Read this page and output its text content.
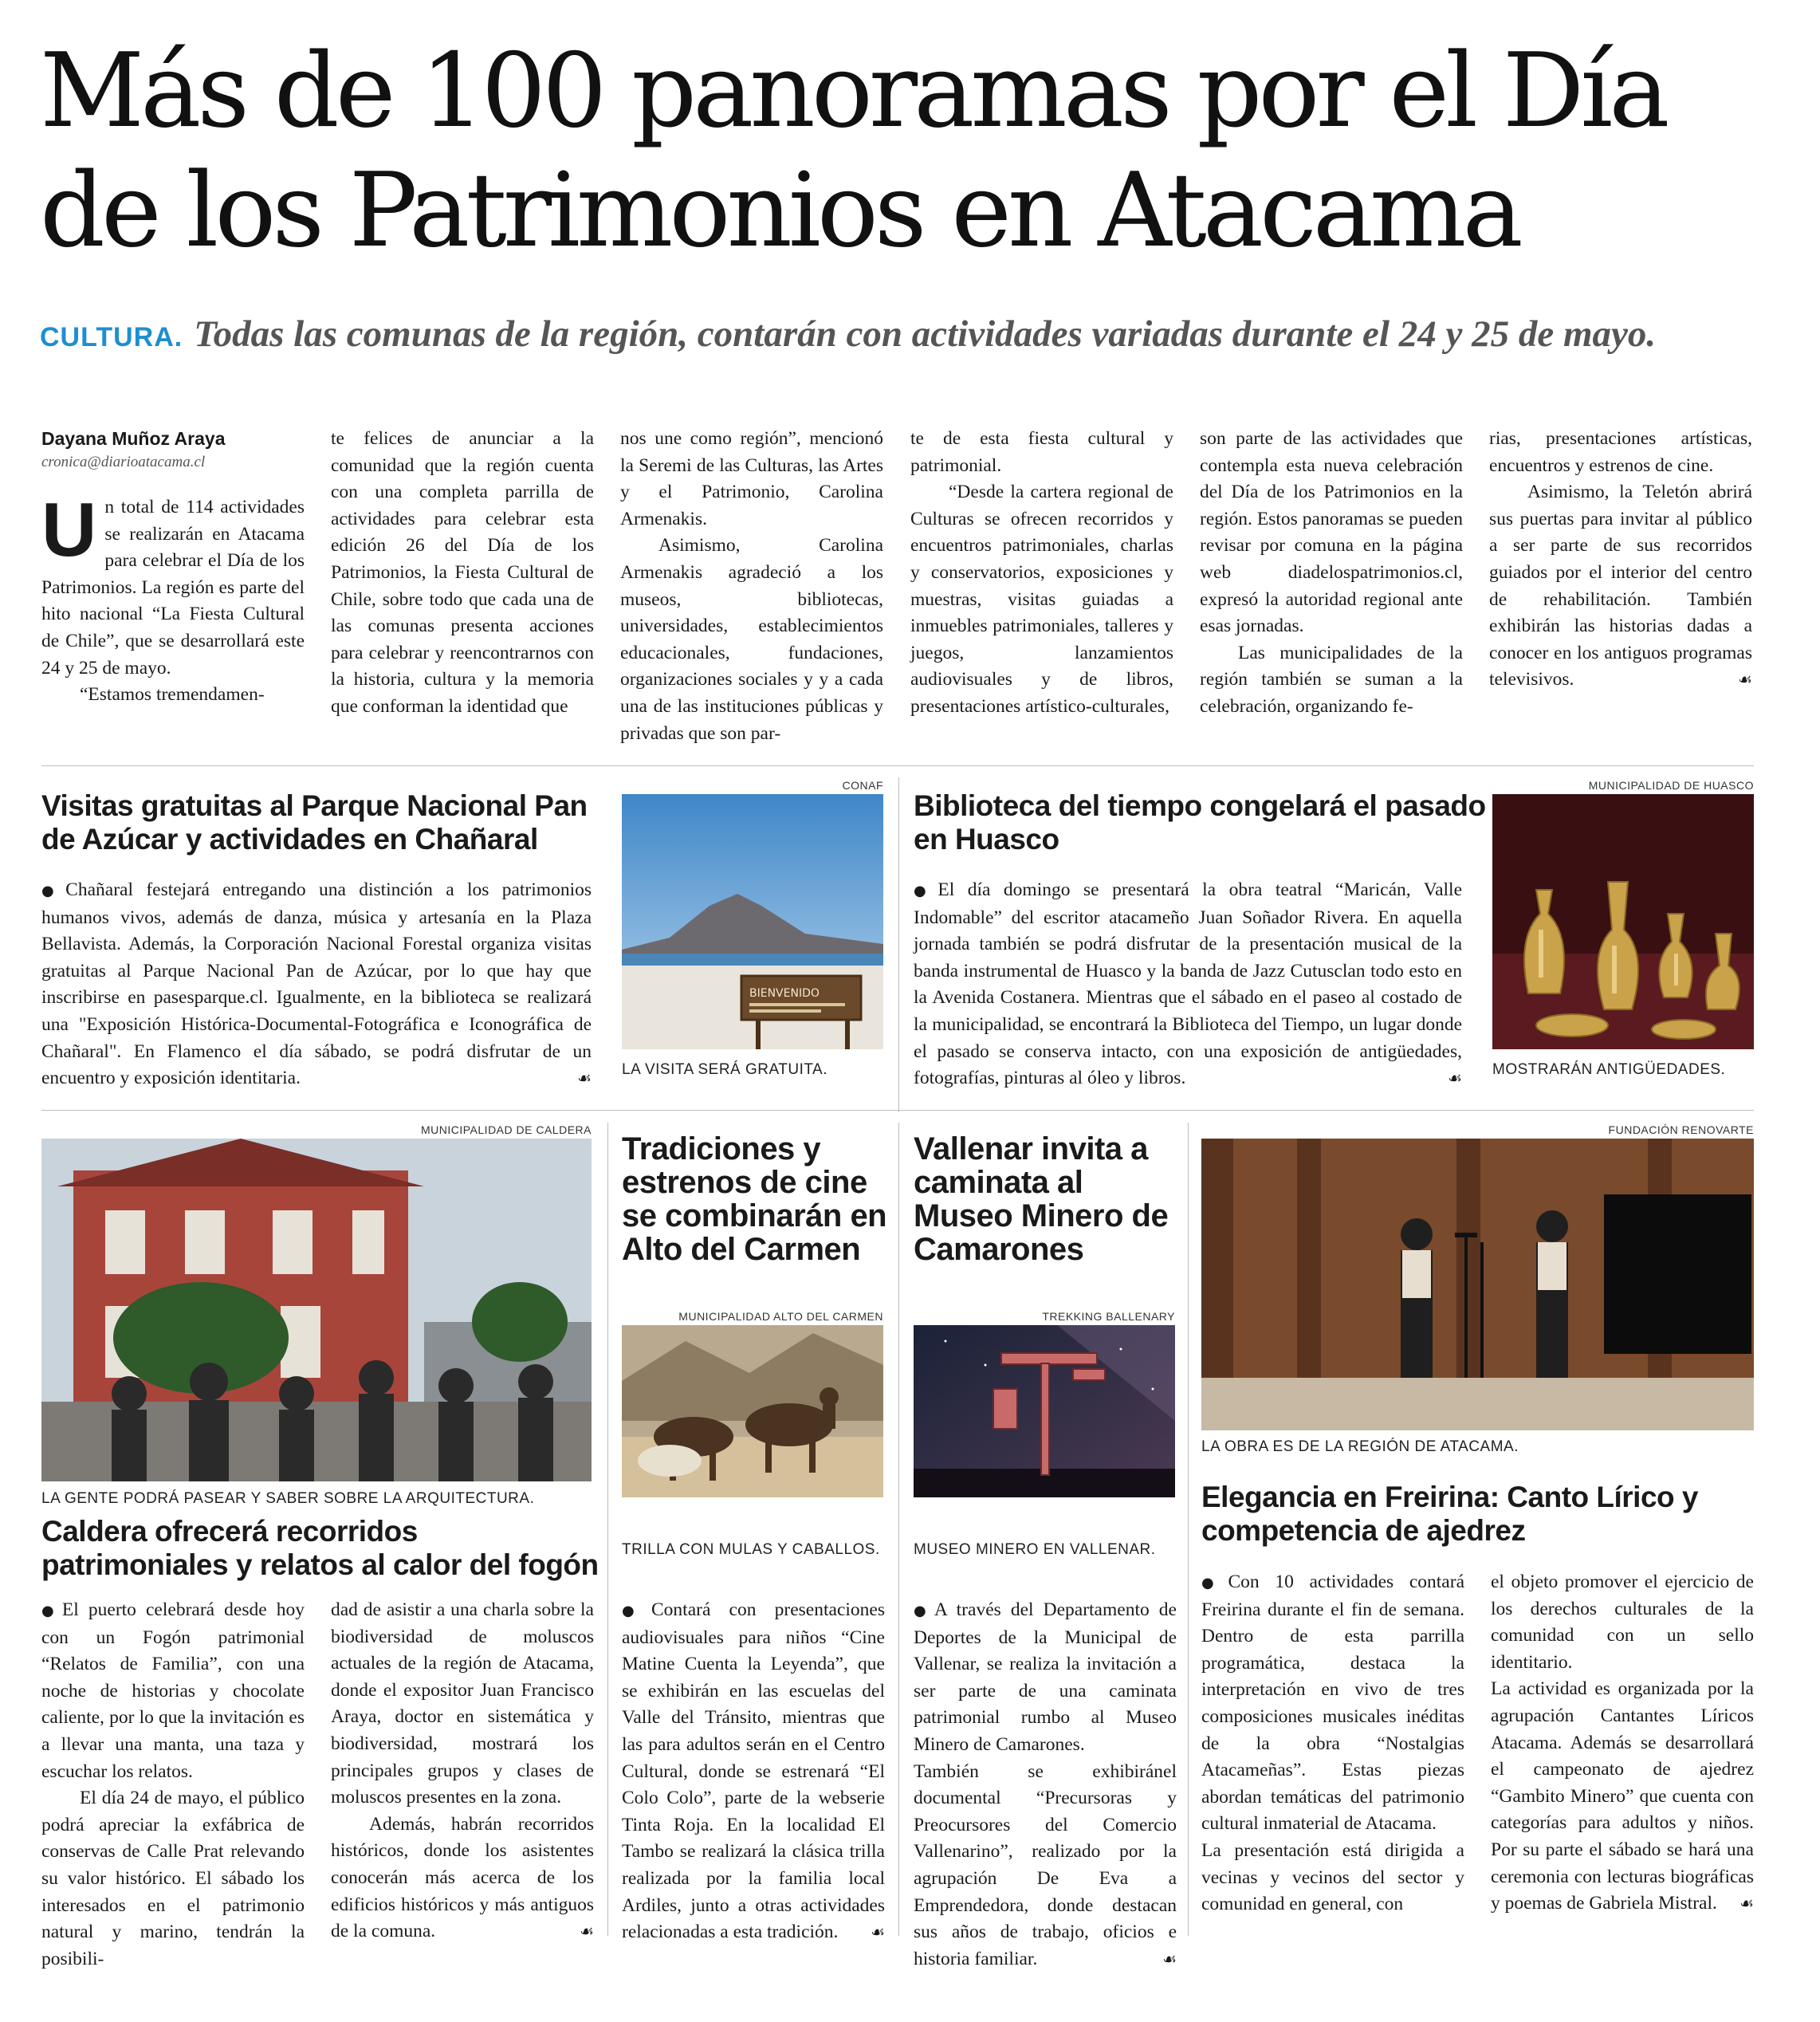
Más de 100 panoramas por el Día
de los Patrimonios en Atacama
CULTURA. Todas las comunas de la región, contarán con actividades variadas durante el 24 y 25 de mayo.
Dayana Muñoz Araya
cronica@diarioatacama.cl

Un total de 114 actividades se realizarán en Atacama para celebrar el Día de los Patrimonios. La región es parte del hito nacional “La Fiesta Cultural de Chile”, que se desarrollará este 24 y 25 de mayo.

“Estamos tremendamen-

te felices de anunciar a la comunidad que la región cuenta con una completa parrilla de actividades para celebrar esta edición 26 del Día de los Patrimonios, la Fiesta Cultural de Chile, sobre todo que cada una de las comunas presenta acciones para celebrar y reencontrarnos con la historia, cultura y la memoria que conforman la identidad que

nos une como región”, mencionó la Seremi de las Culturas, las Artes y el Patrimonio, Carolina Armenakis.

Asimismo, Carolina Armenakis agradeció a los museos, bibliotecas, universidades, establecimientos educacionales, fundaciones, organizaciones sociales y y a cada una de las instituciones públicas y privadas que son par-

te de esta fiesta cultural y patrimonial.

“Desde la cartera regional de Culturas se ofrecen recorridos y encuentros patrimoniales, charlas y conservatorios, exposiciones y muestras, visitas guiadas a inmuebles patrimoniales, talleres y juegos, lanzamientos audiovisuales y de libros, presentaciones artístico-culturales,

son parte de las actividades que contempla esta nueva celebración del Día de los Patrimonios en la región. Estos panoramas se pueden revisar por comuna en la página web diadelospatrimonios.cl, expresó la autoridad regional ante esas jornadas.

Las municipalidades de la región también se suman a la celebración, organizando fe-

rias, presentaciones artísticas, encuentros y estrenos de cine.

Asimismo, la Teletón abrirá sus puertas para invitar al público a ser parte de sus recorridos guiados por el interior del centro de rehabilitación. También exhibirán las historias dadas a conocer en los antiguos programas televisivos.	☙

Visitas gratuitas al Parque Nacional Pan de Azúcar y actividades en Chañaral

● Chañaral festejará entregando una distinción a los patrimonios humanos vivos, además de danza, música y artesanía en la Plaza Bellavista. Además, la Corporación Nacional Forestal organiza visitas gratuitas al Parque Nacional Pan de Azúcar, por lo que hay que inscribirse en pasesparque.cl. Igualmente, en la biblioteca se realizará una "Exposición Histórica-Documental-Fotográfica e Iconográfica de Chañaral". En Flamenco el día sábado, se podrá disfrutar de un encuentro y exposición identitaria.	☙

CONAF
BIENVENIDO
LA VISITA SERÁ GRATUITA.
Biblioteca del tiempo congelará el pasado en Huasco

● El día domingo se presentará la obra teatral “Maricán, Valle Indomable” del escritor atacameño Juan Soñador Rivera. En aquella jornada también se podrá disfrutar de la presentación musical de la banda instrumental de Huasco y la banda de Jazz Cutusclan todo esto en la Avenida Costanera. Mientras que el sábado en el paseo al costado de la municipalidad, se encontrará la Biblioteca del Tiempo, un lugar donde el pasado se conserva intacto, con una exposición de antigüedades, fotografías, pinturas al óleo y libros.	☙

MUNICIPALIDAD DE HUASCO
MOSTRARÁN ANTIGÜEDADES.
MUNICIPALIDAD DE CALDERA
LA GENTE PODRÁ PASEAR Y SABER SOBRE LA ARQUITECTURA.
Caldera ofrecerá recorridos patrimoniales y relatos al calor del fogón

● El puerto celebrará desde hoy con un Fogón patrimonial “Relatos de Familia”, con una noche de historias y chocolate caliente, por lo que la invitación es a llevar una manta, una taza y escuchar los relatos.

El día 24 de mayo, el público podrá apreciar la exfábrica de conservas de Calle Prat relevando su valor histórico. El sábado los interesados en el patrimonio natural y marino, tendrán la posibili-

dad de asistir a una charla sobre la biodiversidad de moluscos actuales de la región de Atacama, donde el expositor Juan Francisco Araya, doctor en sistemática y biodiversidad, mostrará los principales grupos y clases de moluscos presentes en la zona.

Además, habrán recorridos históricos, donde los asistentes conocerán más acerca de los edificios históricos y más antiguos de la comuna.	☙

Tradiciones y estrenos de cine se combinarán en Alto del Carmen
MUNICIPALIDAD ALTO DEL CARMEN
TRILLA CON MULAS Y CABALLOS.

● Contará con presentaciones audiovisuales para niños “Cine Matine Cuenta la Leyenda”, que se exhibirán en las escuelas del Valle del Tránsito, mientras que las para adultos serán en el Centro Cultural, donde se estrenará “El Colo Colo”, parte de la webserie Tinta Roja. En la localidad El Tambo se realizará la clásica trilla realizada por la familia local Ardiles, junto a otras actividades relacionadas a esta tradición. ☙

Vallenar invita a caminata al Museo Minero de Camarones
TREKKING BALLENARY
MUSEO MINERO EN VALLENAR.

● A través del Departamento de Deportes de la Municipal de Vallenar, se realiza la invitación a ser parte de una caminata patrimonial rumbo al Museo Minero de Camarones.

También se exhibiránel documental “Precursoras y Preocursores del Comercio Vallenarino”, realizado por la agrupación De Eva a Emprendedora, donde destacan sus años de trabajo, oficios e historia familiar.	☙

FUNDACIÓN RENOVARTE
LA OBRA ES DE LA REGIÓN DE ATACAMA.
Elegancia en Freirina: Canto Lírico y competencia de ajedrez

● Con 10 actividades contará Freirina durante el fin de semana. Dentro de esta parrilla programática, destaca la interpretación en vivo de tres composiciones musicales inéditas de la obra “Nostalgias Atacameñas”. Estas piezas abordan temáticas del patrimonio cultural inmaterial de Atacama.

La presentación está dirigida a vecinas y vecinos del sector y comunidad en general, con

el objeto promover el ejercicio de los derechos culturales de la comunidad con un sello identitario.

La actividad es organizada por la agrupación Cantantes Líricos Atacama. Además se desarrollará el campeonato de ajedrez “Gambito Minero” que cuenta con categorías para adultos y niños. Por su parte el sábado se hará una ceremonia con lecturas biográficas y poemas de Gabriela Mistral. ☙
